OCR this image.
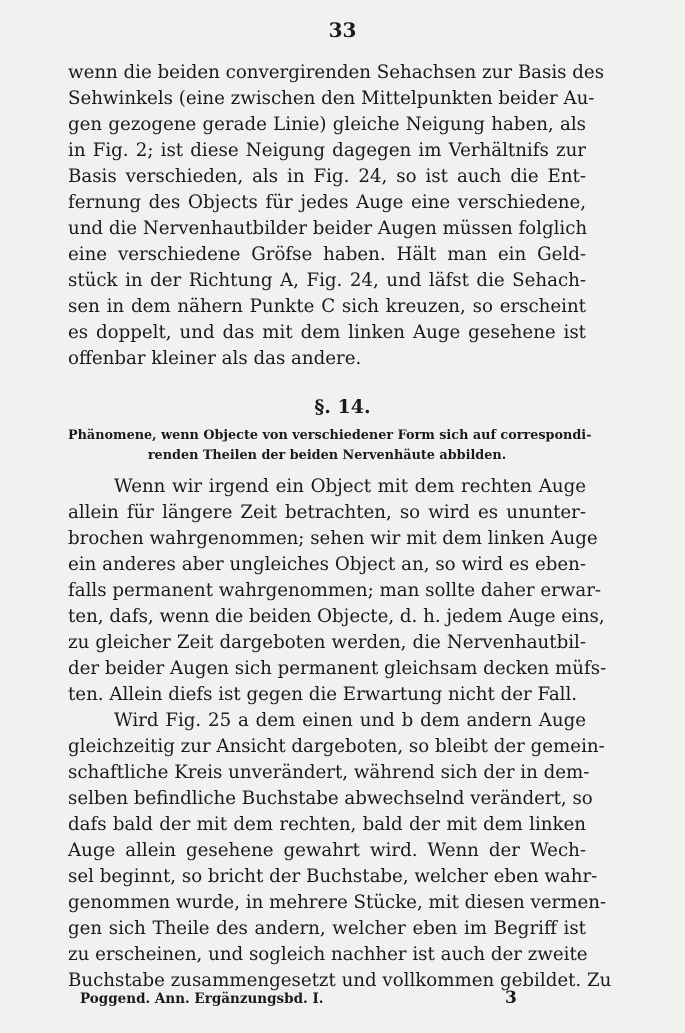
33
wenn die beiden convergirenden Sehachsen zur Basis des
Sehwinkels (eine zwischen den Mittelpunkten beider Au-
gen gezogene gerade Linie) gleiche Neigung haben, als
in Fig. 2; ist diese Neigung dagegen im Verhältnifs zur
Basis verschieden, als in Fig. 24, so ist auch die Ent-
fernung des Objects für jedes Auge eine verschiedene,
und die Nervenhautbilder beider Augen müssen folglich
eine verschiedene Gröfse haben. Hält man ein Geld-
stück in der Richtung A, Fig. 24, und läfst die Sehach-
sen in dem nähern Punkte C sich kreuzen, so erscheint
es doppelt, und das mit dem linken Auge gesehene ist
offenbar kleiner als das andere.
§. 14.
Phänomene, wenn Objecte von verschiedener Form sich auf correspondi-
renden Theilen der beiden Nervenhäute abbilden.
Wenn wir irgend ein Object mit dem rechten Auge
allein für längere Zeit betrachten, so wird es ununter-
brochen wahrgenommen; sehen wir mit dem linken Auge
ein anderes aber ungleiches Object an, so wird es eben-
falls permanent wahrgenommen; man sollte daher erwar-
ten, dafs, wenn die beiden Objecte, d. h. jedem Auge eins,
zu gleicher Zeit dargeboten werden, die Nervenhautbil-
der beider Augen sich permanent gleichsam decken müfs-
ten. Allein diefs ist gegen die Erwartung nicht der Fall.
Wird Fig. 25 a dem einen und b dem andern Auge
gleichzeitig zur Ansicht dargeboten, so bleibt der gemein-
schaftliche Kreis unverändert, während sich der in dem-
selben befindliche Buchstabe abwechselnd verändert, so
dafs bald der mit dem rechten, bald der mit dem linken
Auge allein gesehene gewahrt wird. Wenn der Wech-
sel beginnt, so bricht der Buchstabe, welcher eben wahr-
genommen wurde, in mehrere Stücke, mit diesen vermen-
gen sich Theile des andern, welcher eben im Begriff ist
zu erscheinen, und sogleich nachher ist auch der zweite
Buchstabe zusammengesetzt und vollkommen gebildet. Zu
Poggend. Ann. Ergänzungsbd. I.	3
